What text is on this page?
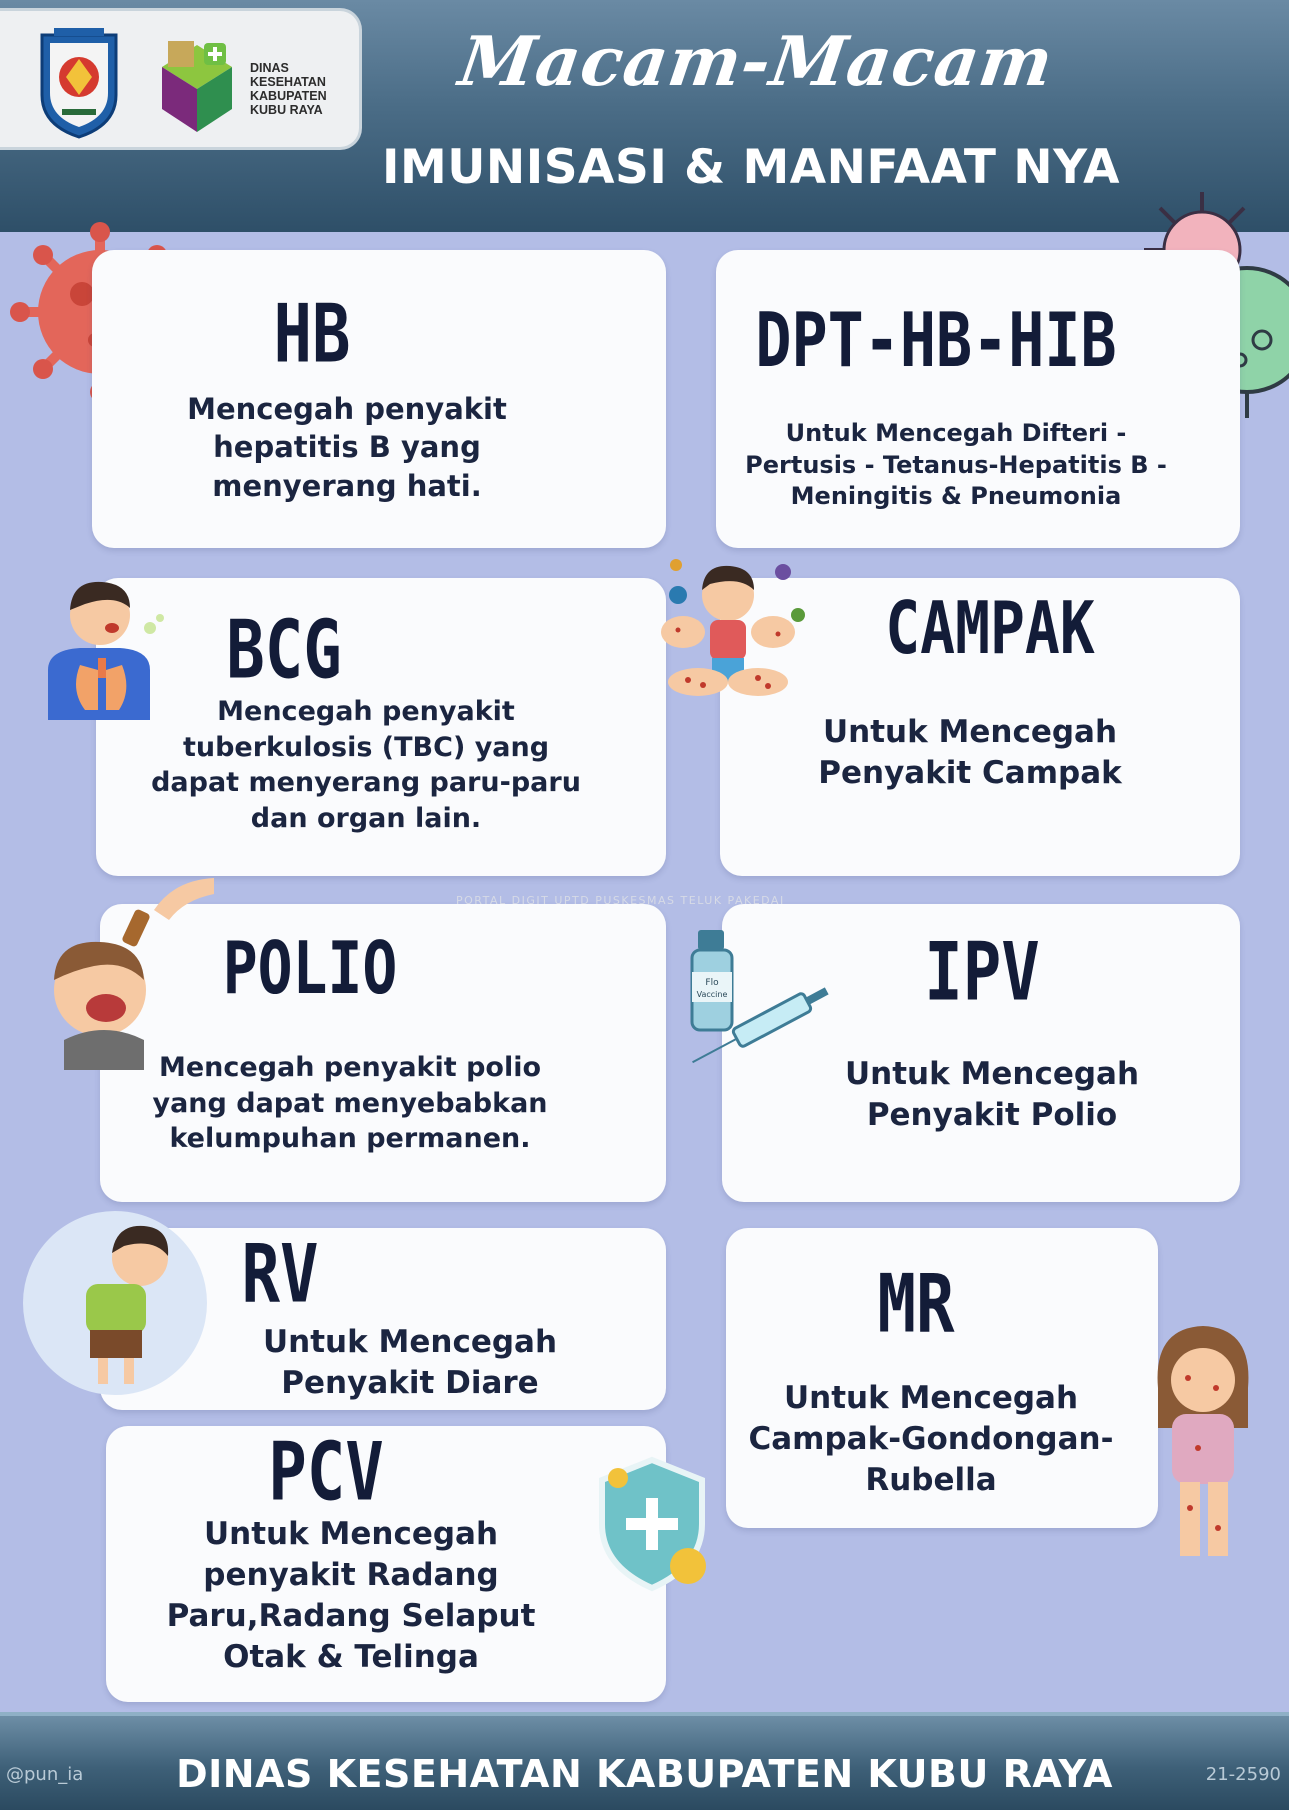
DINAS
KESEHATAN
KABUPATEN
KUBU RAYA
Macam-Macam
IMUNISASI & MANFAAT NYA
HB
Mencegah penyakit
hepatitis B yang
menyerang hati.
DPT-HB-HIB
Untuk Mencegah Difteri -
Pertusis - Tetanus-Hepatitis B -
Meningitis & Pneumonia
BCG
Mencegah penyakit
tuberkulosis (TBC) yang
dapat menyerang paru-paru
dan organ lain.
CAMPAK
Untuk Mencegah
Penyakit Campak
POLIO
Mencegah penyakit polio
yang dapat menyebabkan
kelumpuhan permanen.
IPV
Untuk Mencegah
Penyakit Polio
RV
Untuk Mencegah
Penyakit Diare
MR
Untuk Mencegah
Campak-Gondongan-
Rubella
PCV
Untuk Mencegah
penyakit Radang
Paru,Radang Selaput
Otak & Telinga
Flo
Vaccine
PORTAL DIGIT UPTD PUSKESMAS TELUK PAKEDAI
@pun_ia	DINAS KESEHATAN KABUPATEN KUBU RAYA	21-2590
